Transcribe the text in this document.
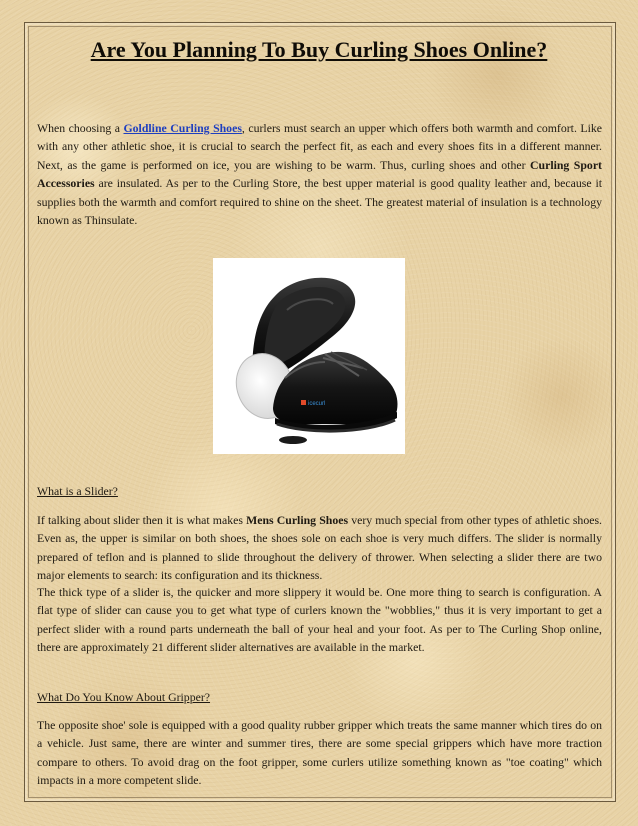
Are You Planning To Buy Curling Shoes Online?

When choosing a Goldline Curling Shoes, curlers must search an upper which offers both warmth and comfort. Like with any other athletic shoe, it is crucial to search the perfect fit, as each and every shoes fits in a different manner. Next, as the game is performed on ice, you are wishing to be warm. Thus, curling shoes and other Curling Sport Accessories are insulated. As per to the Curling Store, the best upper material is good quality leather and, because it supplies both the warmth and comfort required to shine on the sheet. The greatest material of insulation is a technology known as Thinsulate.

icecurl

What is a Slider?

If talking about slider then it is what makes Mens Curling Shoes very much special from other types of athletic shoes. Even as, the upper is similar on both shoes, the shoes sole on each shoe is very much differs. The slider is normally prepared of teflon and is planned to slide throughout the delivery of thrower. When selecting a slider there are two major elements to search: its configuration and its thickness.

The thick type of a slider is, the quicker and more slippery it would be. One more thing to search is configuration. A flat type of slider can cause you to get what type of curlers known the "wobblies," thus it is very important to get a perfect slider with a round parts underneath the ball of your heal and your foot. As per to The Curling Shop online, there are approximately 21 different slider alternatives are available in the market.

What Do You Know About Gripper?

The opposite shoe' sole is equipped with a good quality rubber gripper which treats the same manner which tires do on a vehicle. Just same, there are winter and summer tires, there are some special grippers which have more traction compare to others. To avoid drag on the foot gripper, some curlers utilize something known as "toe coating" which impacts in a more competent slide.
